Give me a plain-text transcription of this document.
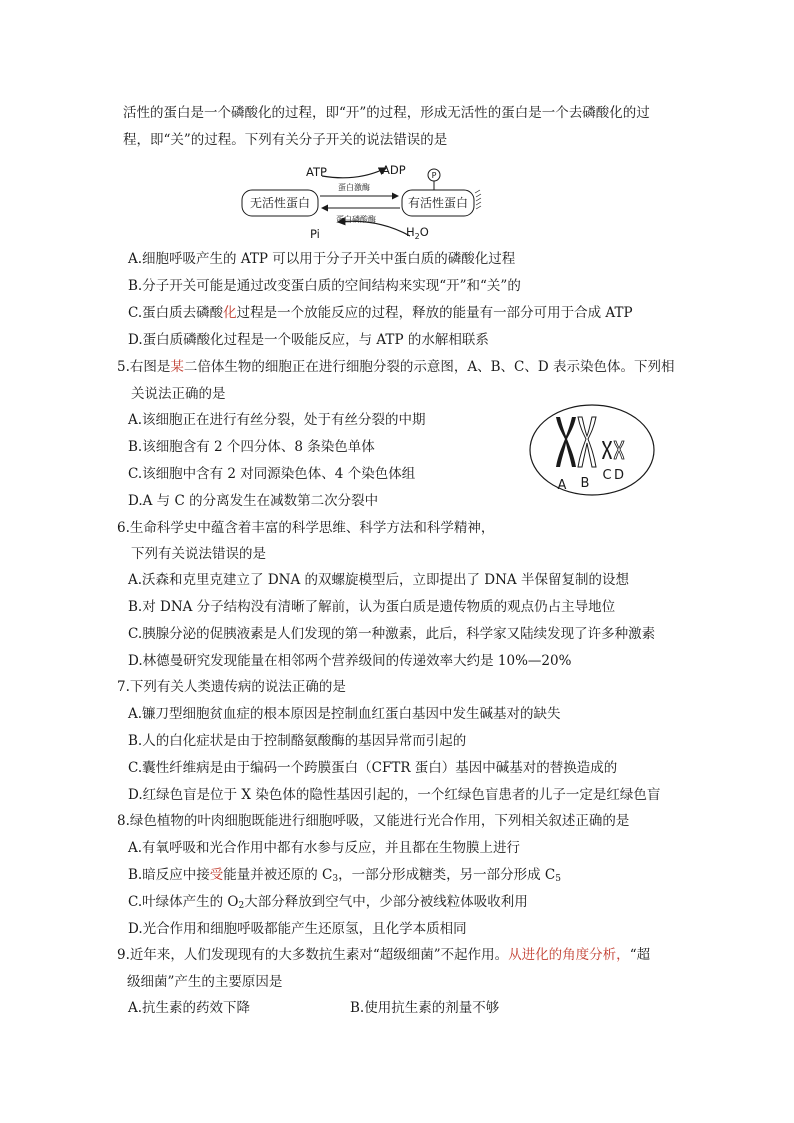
活性的蛋白是一个磷酸化的过程，即“开”的过程，形成无活性的蛋白是一个去磷酸化的过
程，即“关”的过程。下列有关分子开关的说法错误的是
无活性蛋白	有活性蛋白
ATP	ADP
蛋白激酶
P
蛋白磷酸酶
Pi	$H_2O$
A.细胞呼吸产生的 ATP 可以用于分子开关中蛋白质的磷酸化过程
B.分子开关可能是通过改变蛋白质的空间结构来实现“开”和“关”的
C.蛋白质去磷酸化过程是一个放能反应的过程，释放的能量有一部分可用于合成 ATP
D.蛋白质磷酸化过程是一个吸能反应，与 ATP 的水解相联系
5.右图是某二倍体生物的细胞正在进行细胞分裂的示意图，A、B、C、D 表示染色体。下列相
关说法正确的是
A.该细胞正在进行有丝分裂，处于有丝分裂的中期
B.该细胞含有 2 个四分体、8 条染色单体
C.该细胞中含有 2 对同源染色体、4 个染色体组
D.A 与 C 的分离发生在减数第二次分裂中
A B
C D
6.生命科学史中蕴含着丰富的科学思维、科学方法和科学精神，
下列有关说法错误的是
A.沃森和克里克建立了 DNA 的双螺旋模型后，立即提出了 DNA 半保留复制的设想
B.对 DNA 分子结构没有清晰了解前，认为蛋白质是遗传物质的观点仍占主导地位
C.胰腺分泌的促胰液素是人们发现的第一种激素，此后，科学家又陆续发现了许多种激素
D.林德曼研究发现能量在相邻两个营养级间的传递效率大约是 10%—20%
7.下列有关人类遗传病的说法正确的是
A.镰刀型细胞贫血症的根本原因是控制血红蛋白基因中发生碱基对的缺失
B.人的白化症状是由于控制酪氨酸酶的基因异常而引起的
C.囊性纤维病是由于编码一个跨膜蛋白（CFTR 蛋白）基因中碱基对的替换造成的
D.红绿色盲是位于 X 染色体的隐性基因引起的，一个红绿色盲患者的儿子一定是红绿色盲
8.绿色植物的叶肉细胞既能进行细胞呼吸，又能进行光合作用，下列相关叙述正确的是
A.有氧呼吸和光合作用中都有水参与反应，并且都在生物膜上进行
B.暗反应中接受能量并被还原的 $C_3$，一部分形成糖类，另一部分形成 $C_5$
C.叶绿体产生的 $O_2$大部分释放到空气中，少部分被线粒体吸收利用
D.光合作用和细胞呼吸都能产生还原氢，且化学本质相同
9.近年来，人们发现现有的大多数抗生素对“超级细菌”不起作用。从进化的角度分析，“超
级细菌”产生的主要原因是
A.抗生素的药效下降	B.使用抗生素的剂量不够
